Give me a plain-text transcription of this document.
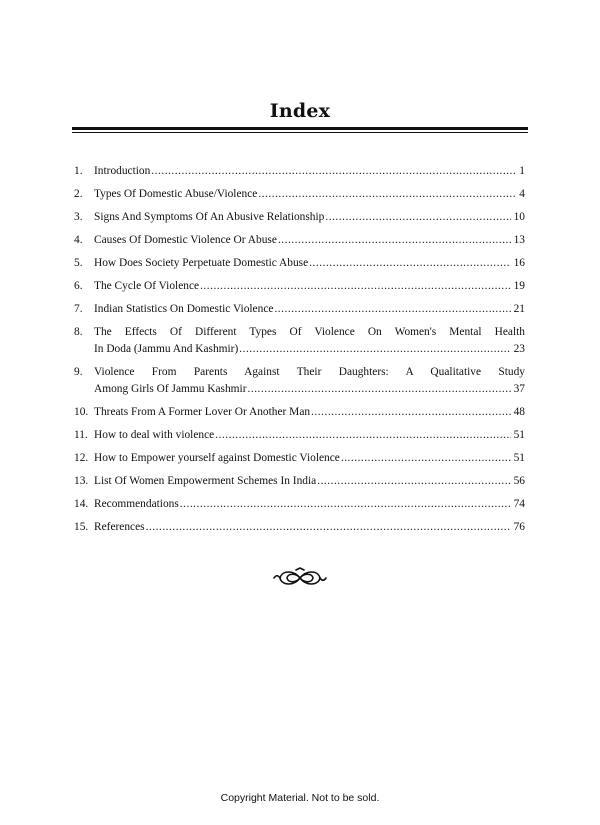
Index
1.	Introduction .....	1
2.	Types Of Domestic Abuse/Violence .....	4
3.	Signs And Symptoms Of An Abusive Relationship .....	10
4.	Causes Of Domestic Violence Or Abuse .....	13
5.	How Does Society Perpetuate Domestic Abuse .....	16
6.	The Cycle Of Violence .....	19
7.	Indian Statistics On Domestic Violence .....	21
8.	The Effects Of Different Types Of Violence On Women's Mental Health
In Doda (Jammu And Kashmir) .....	23
9.	Violence From Parents Against Their Daughters: A Qualitative Study
Among Girls Of Jammu Kashmir .....	37
10. Threats From A Former Lover Or Another Man .....	48
11. How to deal with violence .....	51
12. How to Empower yourself against Domestic Violence .....	51
13. List Of Women Empowerment Schemes In India .....	56
14. Recommendations .....	74
15. References .....	76
Copyright Material. Not to be sold.
